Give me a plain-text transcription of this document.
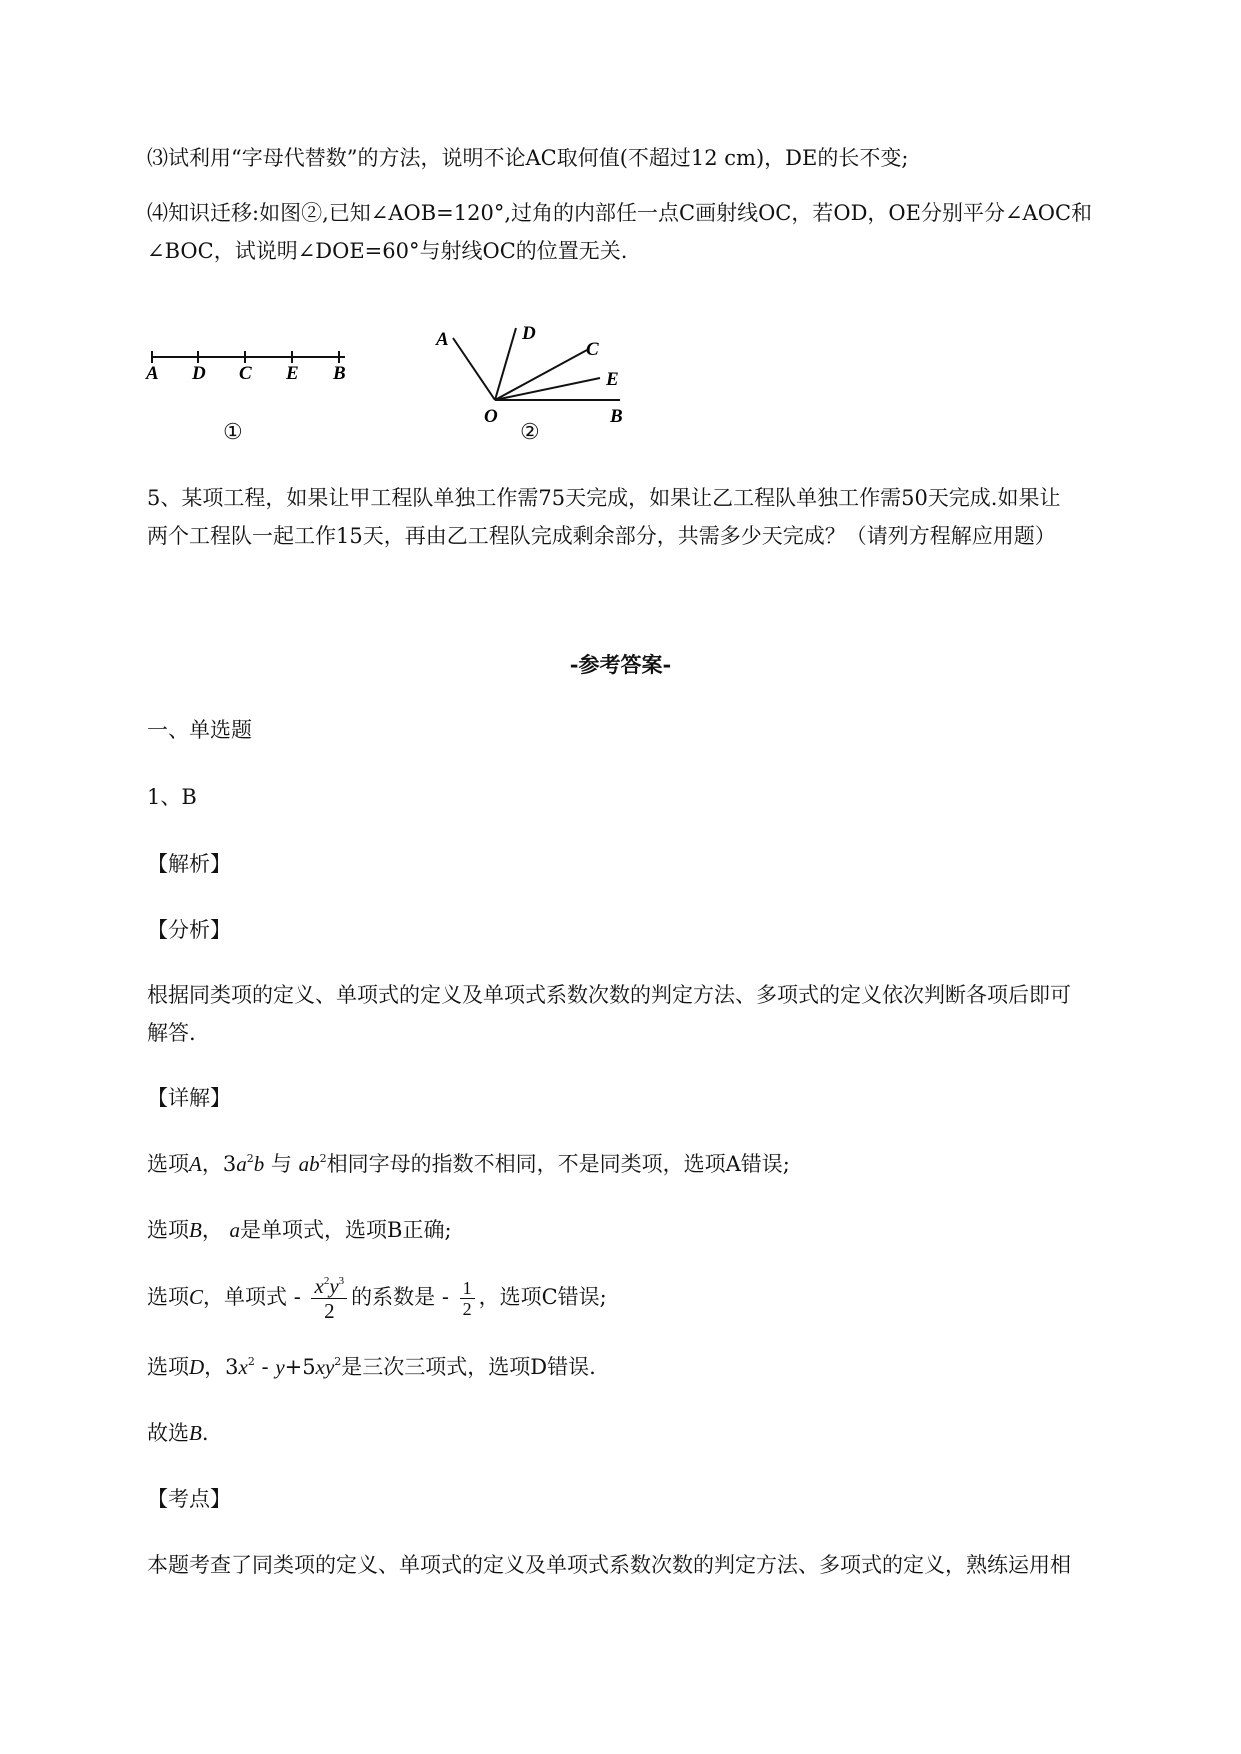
⑶试利用“字母代替数”的方法，说明不论AC取何值(不超过12 cm)，DE的长不变;
⑷知识迁移:如图②,已知∠AOB=120°,过角的内部任一点C画射线OC，若OD，OE分别平分∠AOC和
∠BOC，试说明∠DOE=60°与射线OC的位置无关.
A D C E B
①
A	D
C
E
O	B
②
5、某项工程，如果让甲工程队单独工作需75天完成，如果让乙工程队单独工作需50天完成.如果让
两个工程队一起工作15天，再由乙工程队完成剩余部分，共需多少天完成？（请列方程解应用题）
-参考答案-
一、单选题
1、B
【解析】
【分析】
根据同类项的定义、单项式的定义及单项式系数次数的判定方法、多项式的定义依次判断各项后即可
解答.
【详解】
选项A，$3a^2b$ 与 $ab^2$相同字母的指数不相同，不是同类项，选项A错误;
选项B， a是单项式，选项B正确;
选项C，单项式 - $\frac{x^2y^3}{2}$ 的系数是 - $\frac{1}{2}$ ，选项C错误;
选项D，$3x^2 - y+5xy^2$是三次三项式，选项D错误.
故选B.
【考点】
本题考查了同类项的定义、单项式的定义及单项式系数次数的判定方法、多项式的定义，熟练运用相
